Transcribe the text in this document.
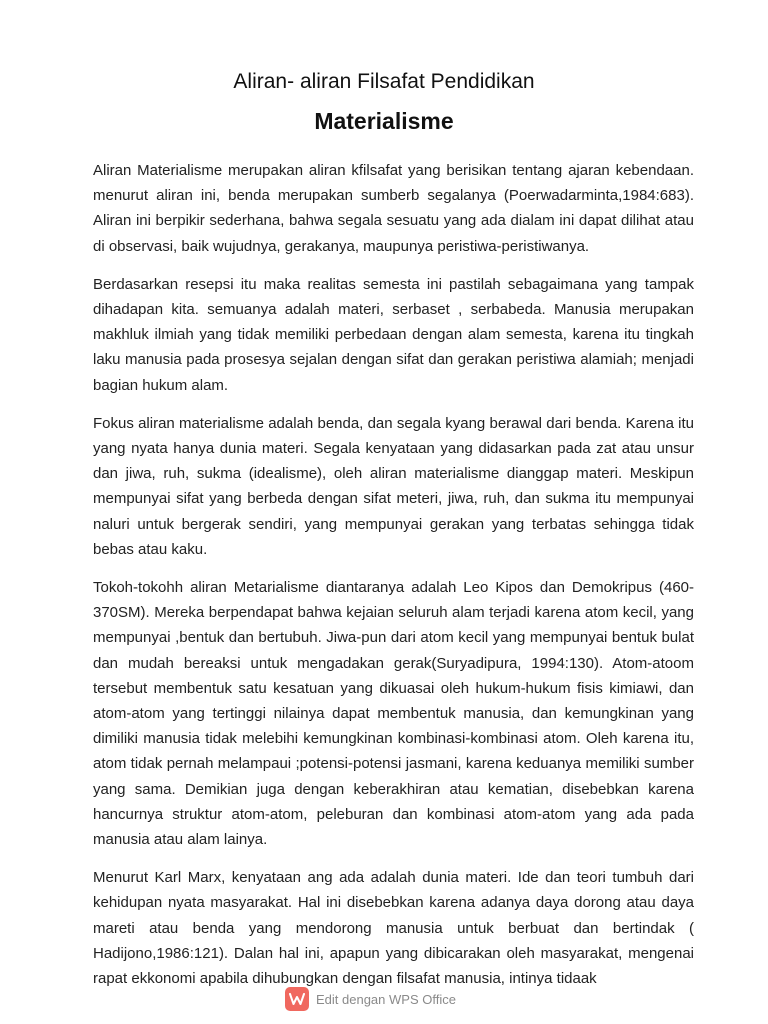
Aliran- aliran Filsafat Pendidikan
Materialisme

Aliran Materialisme merupakan aliran kfilsafat yang berisikan tentang ajaran kebendaan. menurut aliran ini, benda merupakan sumberb segalanya (Poerwadarminta,1984:683). Aliran ini berpikir sederhana, bahwa segala sesuatu yang ada dialam ini dapat dilihat atau di observasi, baik wujudnya, gerakanya, maupunya peristiwa-peristiwanya.

Berdasarkan resepsi itu maka realitas semesta ini pastilah sebagaimana yang tampak dihadapan kita. semuanya adalah materi, serbaset , serbabeda. Manusia merupakan makhluk ilmiah yang tidak memiliki perbedaan dengan alam semesta, karena itu tingkah laku manusia pada prosesya sejalan dengan sifat dan gerakan peristiwa alamiah; menjadi bagian hukum alam.

Fokus aliran materialisme adalah benda, dan segala kyang berawal dari benda. Karena itu yang nyata hanya dunia materi. Segala kenyataan yang didasarkan pada zat atau unsur dan jiwa, ruh, sukma (idealisme), oleh aliran materialisme dianggap materi. Meskipun mempunyai sifat yang berbeda dengan sifat meteri, jiwa, ruh, dan sukma itu mempunyai naluri untuk bergerak sendiri, yang mempunyai gerakan yang terbatas sehingga tidak bebas atau kaku.

Tokoh-tokohh aliran Metarialisme diantaranya adalah Leo Kipos dan Demokripus (460-370SM). Mereka berpendapat bahwa kejaian seluruh alam terjadi karena atom kecil, yang mempunyai ,bentuk dan bertubuh. Jiwa-pun dari atom kecil yang mempunyai bentuk bulat dan mudah bereaksi untuk mengadakan gerak(Suryadipura, 1994:130). Atom-atoom tersebut membentuk satu kesatuan yang dikuasai oleh hukum-hukum fisis kimiawi, dan atom-atom yang tertinggi nilainya dapat membentuk manusia, dan kemungkinan yang dimiliki manusia tidak melebihi kemungkinan kombinasi-kombinasi atom. Oleh karena itu, atom tidak pernah melampaui ;potensi-potensi jasmani, karena keduanya memiliki sumber yang sama. Demikian juga dengan keberakhiran atau kematian, disebebkan karena hancurnya struktur atom-atom, peleburan dan kombinasi atom-atom yang ada pada manusia atau alam lainya.

Menurut Karl Marx, kenyataan ang ada adalah dunia materi. Ide dan teori tumbuh dari kehidupan nyata masyarakat. Hal ini disebebkan karena adanya daya dorong atau daya mareti atau benda yang mendorong manusia untuk berbuat dan bertindak ( Hadijono,1986:121). Dalan hal ini, apapun yang dibicarakan oleh masyarakat, mengenai rapat ekkonomi apabila dihubungkan dengan filsafat manusia, intinya tidaak

Edit dengan WPS Office
